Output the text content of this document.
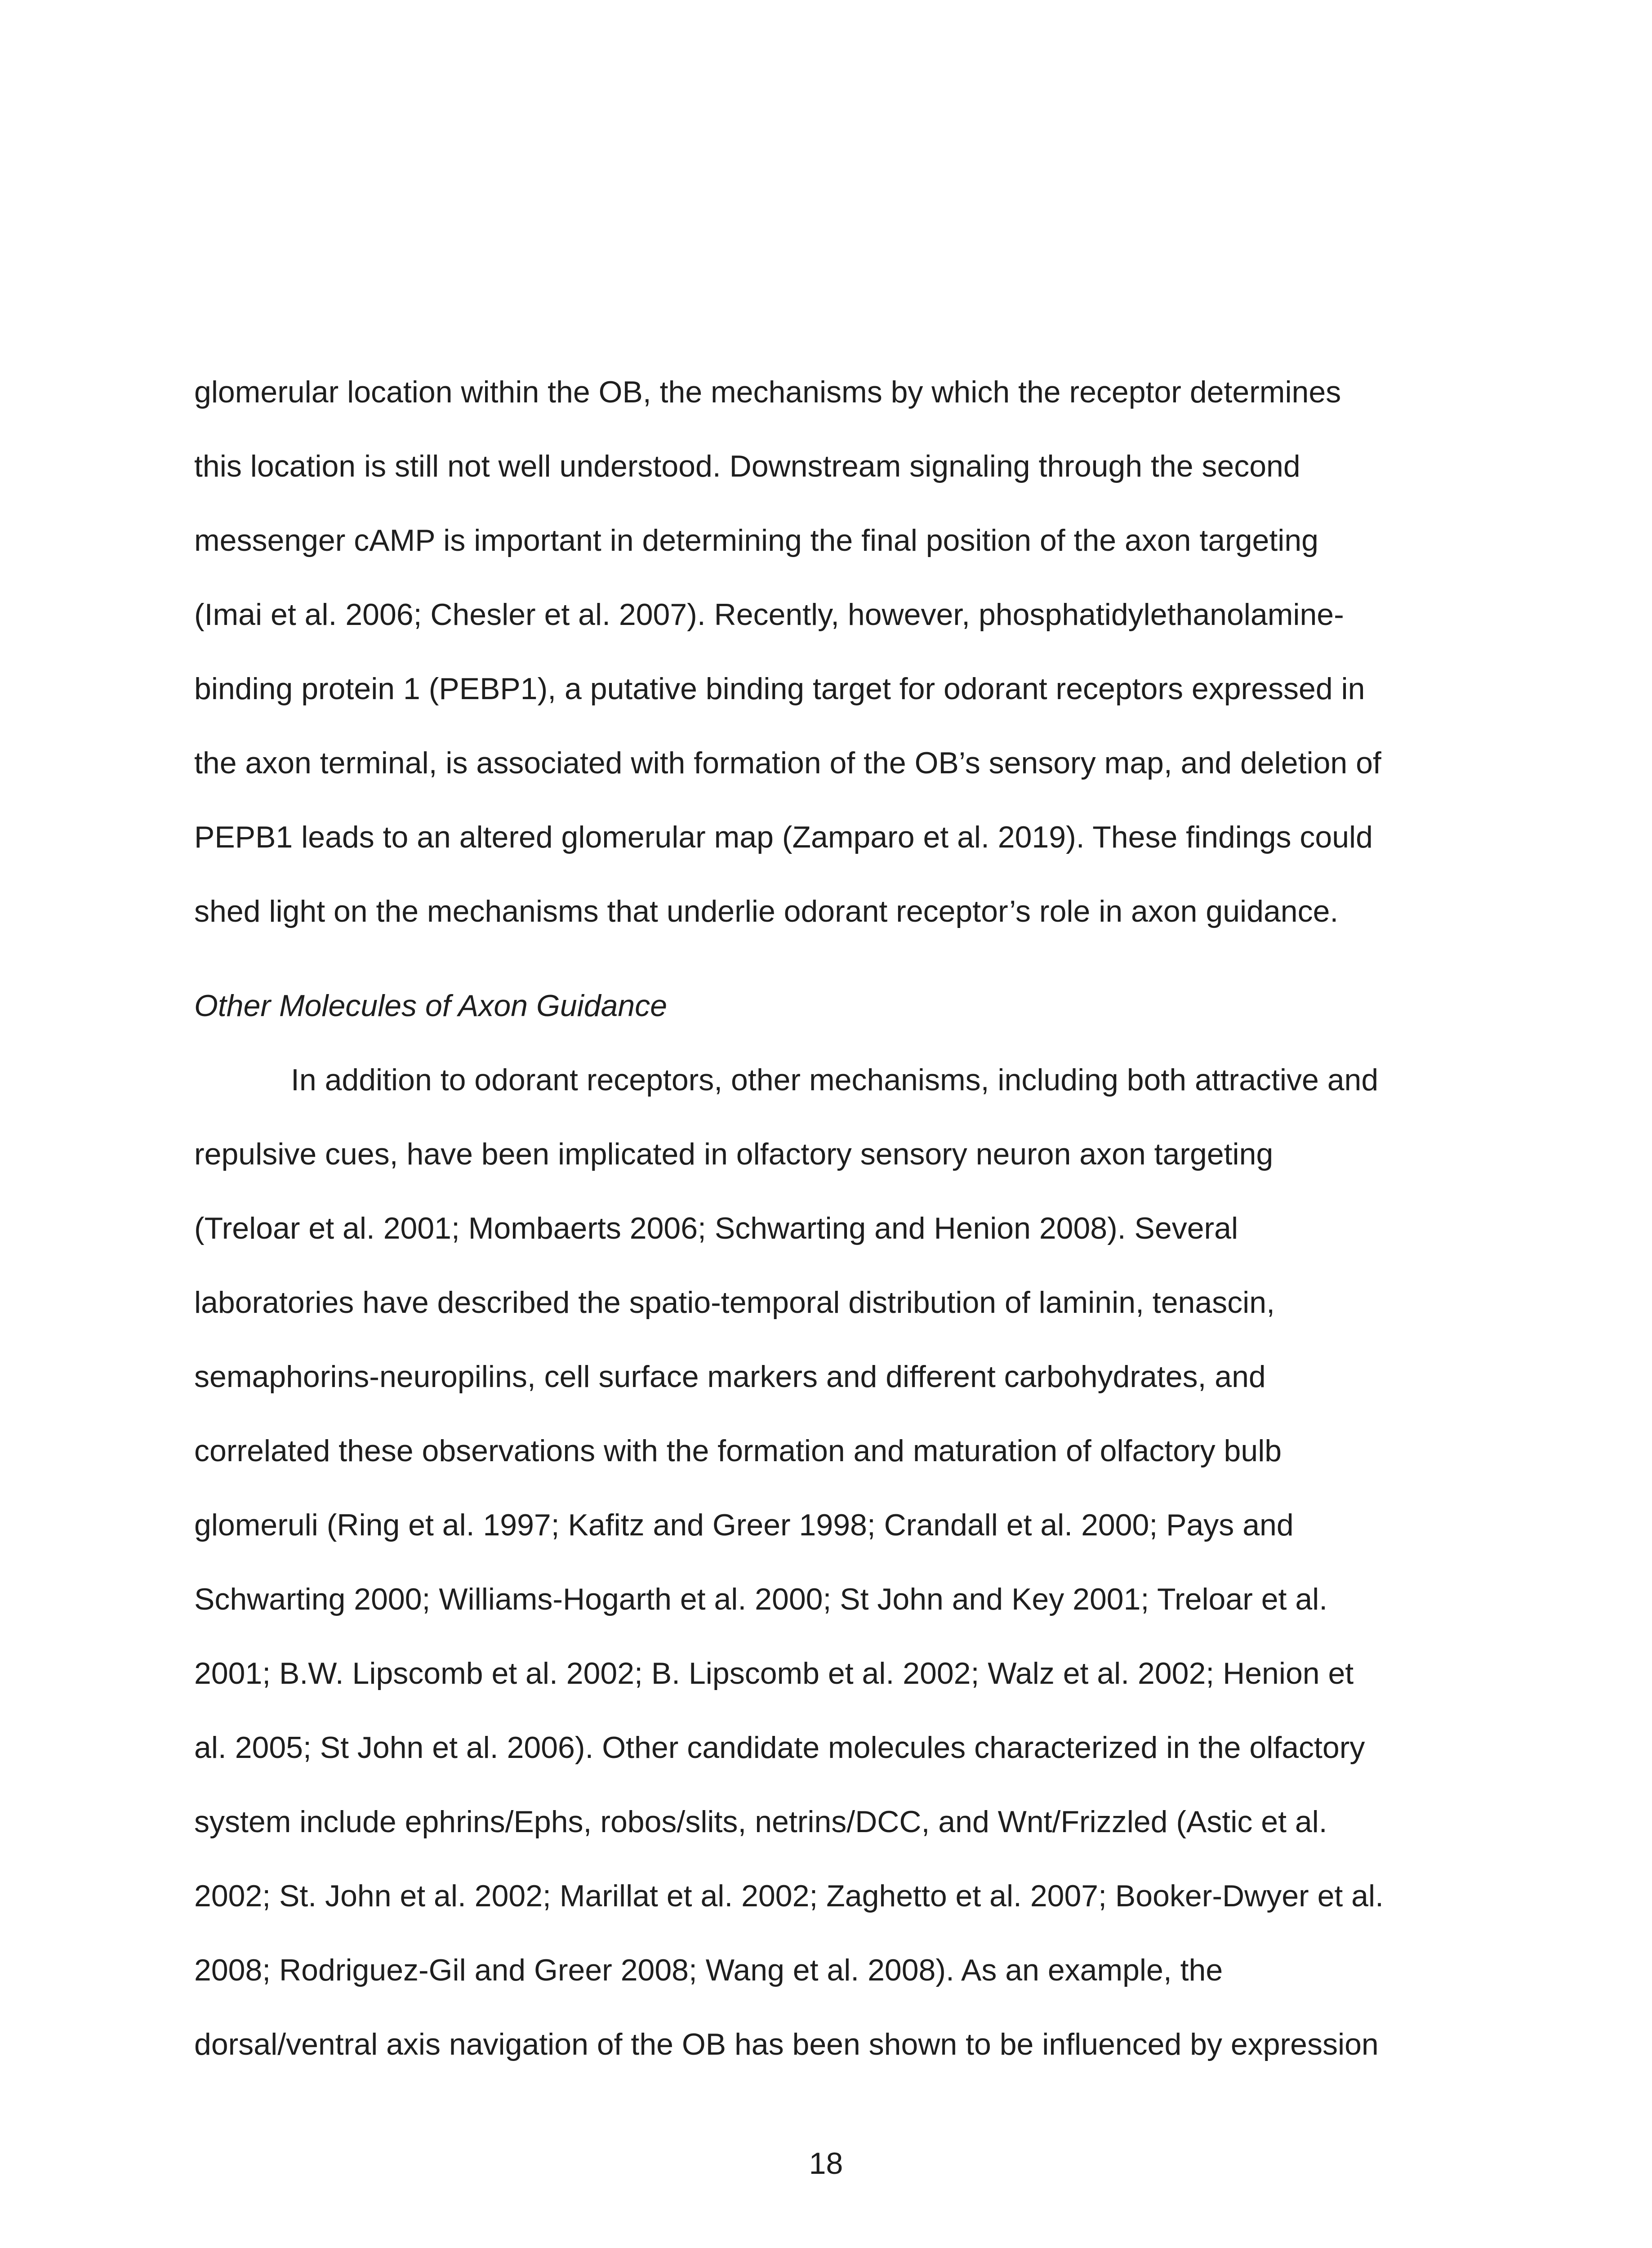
glomerular location within the OB, the mechanisms by which the receptor determines
this location is still not well understood. Downstream signaling through the second
messenger cAMP is important in determining the final position of the axon targeting
(Imai et al. 2006; Chesler et al. 2007). Recently, however, phosphatidylethanolamine-
binding protein 1 (PEBP1), a putative binding target for odorant receptors expressed in
the axon terminal, is associated with formation of the OB’s sensory map, and deletion of
PEPB1 leads to an altered glomerular map (Zamparo et al. 2019). These findings could
shed light on the mechanisms that underlie odorant receptor’s role in axon guidance.
Other Molecules of Axon Guidance
In addition to odorant receptors, other mechanisms, including both attractive and
repulsive cues, have been implicated in olfactory sensory neuron axon targeting
(Treloar et al. 2001; Mombaerts 2006; Schwarting and Henion 2008). Several
laboratories have described the spatio-temporal distribution of laminin, tenascin,
semaphorins-neuropilins, cell surface markers and different carbohydrates, and
correlated these observations with the formation and maturation of olfactory bulb
glomeruli (Ring et al. 1997; Kafitz and Greer 1998; Crandall et al. 2000; Pays and
Schwarting 2000; Williams-Hogarth et al. 2000; St John and Key 2001; Treloar et al.
2001; B.W. Lipscomb et al. 2002; B. Lipscomb et al. 2002; Walz et al. 2002; Henion et
al. 2005; St John et al. 2006). Other candidate molecules characterized in the olfactory
system include ephrins/Ephs, robos/slits, netrins/DCC, and Wnt/Frizzled (Astic et al.
2002; St. John et al. 2002; Marillat et al. 2002; Zaghetto et al. 2007; Booker-Dwyer et al.
2008; Rodriguez-Gil and Greer 2008; Wang et al. 2008). As an example, the
dorsal/ventral axis navigation of the OB has been shown to be influenced by expression
18
